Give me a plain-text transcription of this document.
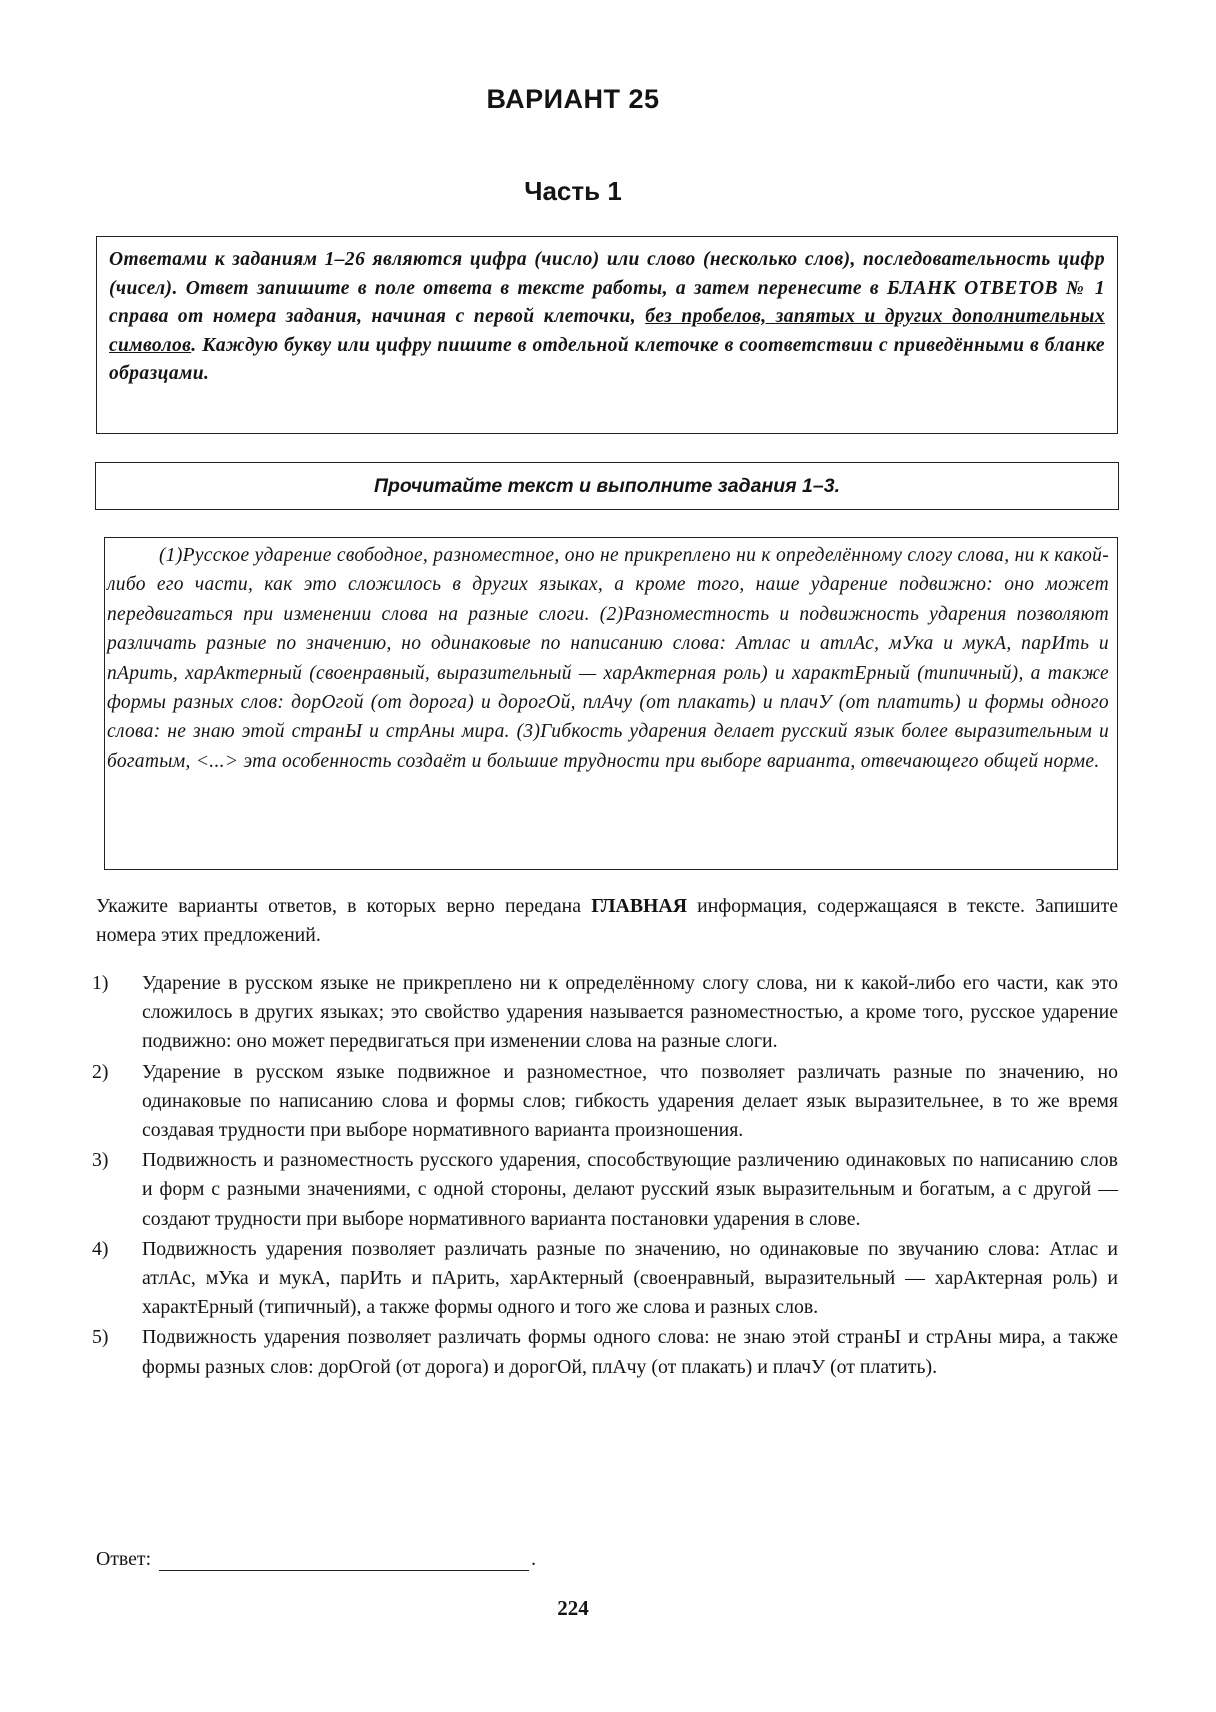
ВАРИАНТ 25
Часть 1
Ответами к заданиям 1–26 являются цифра (число) или слово (несколько слов), последовательность цифр (чисел). Ответ запишите в поле ответа в тексте работы, а затем перенесите в БЛАНК ОТВЕТОВ № 1 справа от номера задания, начиная с первой клеточки, без пробелов, запятых и других дополнительных символов. Каждую букву или цифру пишите в отдельной клеточке в соответствии с приведёнными в бланке образцами.
Прочитайте текст и выполните задания 1–3.
(1)Русское ударение свободное, разноместное, оно не прикреплено ни к определённому слогу слова, ни к какой-либо его части, как это сложилось в других языках, а кроме того, наше ударение подвижно: оно может передвигаться при изменении слова на разные слоги. (2)Разноместность и подвижность ударения позволяют различать разные по значению, но одинаковые по написанию слова: Атлас и атлАс, мУка и мукА, парИть и пАрить, харАктерный (своенравный, выразительный — харАктерная роль) и характЕрный (типичный), а также формы разных слов: дорОгой (от дорога) и дорогОй, плАчу (от плакать) и плачУ (от платить) и формы одного слова: не знаю этой странЫ и стрАны мира. (3)Гибкость ударения делает русский язык более выразительным и богатым, <...> эта особенность создаёт и большие трудности при выборе варианта, отвечающего общей норме.
Укажите варианты ответов, в которых верно передана ГЛАВНАЯ информация, содержащаяся в тексте. Запишите номера этих предложений.
1)	Ударение в русском языке не прикреплено ни к определённому слогу слова, ни к какой-либо его части, как это сложилось в других языках; это свойство ударения называется разноместностью, а кроме того, русское ударение подвижно: оно может передвигаться при изменении слова на разные слоги.
2)	Ударение в русском языке подвижное и разноместное, что позволяет различать разные по значению, но одинаковые по написанию слова и формы слов; гибкость ударения делает язык выразительнее, в то же время создавая трудности при выборе нормативного варианта произношения.
3)	Подвижность и разноместность русского ударения, способствующие различению одинаковых по написанию слов и форм с разными значениями, с одной стороны, делают русский язык выразительным и богатым, а с другой — создают трудности при выборе нормативного варианта постановки ударения в слове.
4)	Подвижность ударения позволяет различать разные по значению, но одинаковые по звучанию слова: Атлас и атлАс, мУка и мукА, парИть и пАрить, харАктерный (своенравный, выразительный — харАктерная роль) и характЕрный (типичный), а также формы одного и того же слова и разных слов.
5)	Подвижность ударения позволяет различать формы одного слова: не знаю этой странЫ и стрАны мира, а также формы разных слов: дорОгой (от дорога) и дорогОй, плАчу (от плакать) и плачУ (от платить).
Ответ:	.
224
